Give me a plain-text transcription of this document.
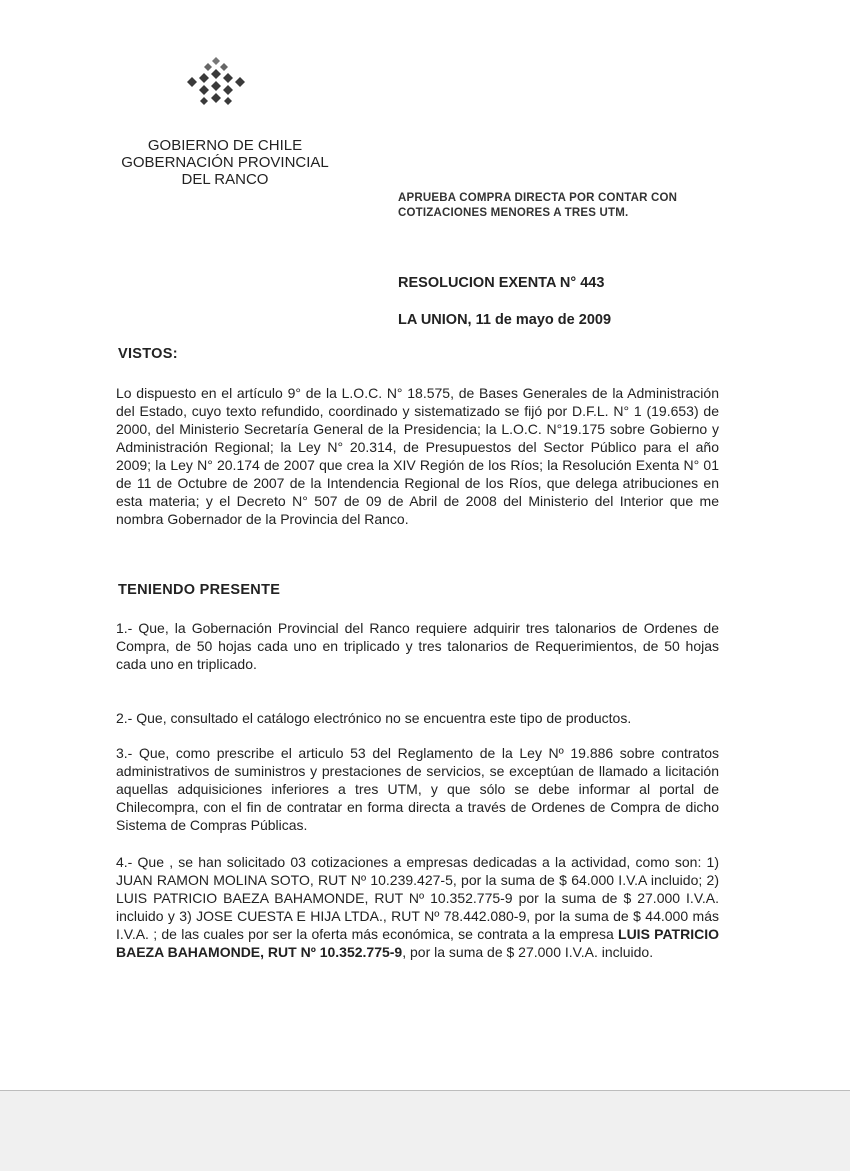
GOBIERNO DE CHILE
GOBERNACIÓN PROVINCIAL
DEL RANCO
APRUEBA COMPRA DIRECTA POR CONTAR CON
COTIZACIONES MENORES A TRES UTM.
RESOLUCION EXENTA N° 443
LA UNION, 11 de mayo de 2009
VISTOS:
Lo dispuesto en el artículo 9° de la L.O.C. N° 18.575, de Bases Generales de la Administración del Estado, cuyo texto refundido, coordinado y sistematizado se fijó por D.F.L. N° 1 (19.653) de 2000, del Ministerio Secretaría General de la Presidencia; la L.O.C. N°19.175 sobre Gobierno y Administración Regional; la Ley N° 20.314, de Presupuestos del Sector Público para el año 2009; la Ley N° 20.174 de 2007 que crea la XIV Región de los Ríos; la Resolución Exenta N° 01 de 11 de Octubre de 2007 de la Intendencia Regional de los Ríos, que delega atribuciones en esta materia; y el Decreto N° 507 de 09 de Abril de 2008 del Ministerio del Interior que me nombra Gobernador de la Provincia del Ranco.
TENIENDO PRESENTE
1.- Que, la Gobernación Provincial del Ranco requiere adquirir tres talonarios de Ordenes de Compra, de 50 hojas cada uno en triplicado y tres talonarios de Requerimientos, de 50 hojas cada uno en triplicado.
2.- Que, consultado el catálogo electrónico no se encuentra este tipo de productos.
3.- Que, como prescribe el articulo 53 del Reglamento de la Ley Nº 19.886 sobre contratos administrativos de suministros y prestaciones de servicios, se exceptúan de llamado a licitación aquellas adquisiciones inferiores a tres UTM, y que sólo se debe informar al portal de Chilecompra, con el fin de contratar en forma directa a través de Ordenes de Compra de dicho Sistema de Compras Públicas.
4.- Que , se han solicitado 03 cotizaciones a empresas dedicadas a la actividad, como son: 1) JUAN RAMON MOLINA SOTO, RUT Nº 10.239.427-5, por la suma de $ 64.000 I.V.A incluido; 2) LUIS PATRICIO BAEZA BAHAMONDE, RUT Nº 10.352.775-9 por la suma de $ 27.000 I.V.A. incluido y 3) JOSE CUESTA E HIJA LTDA., RUT Nº 78.442.080-9, por la suma de $ 44.000 más I.V.A. ; de las cuales por ser la oferta más económica, se contrata a la empresa LUIS PATRICIO BAEZA BAHAMONDE, RUT Nº 10.352.775-9, por la suma de $ 27.000 I.V.A. incluido.
